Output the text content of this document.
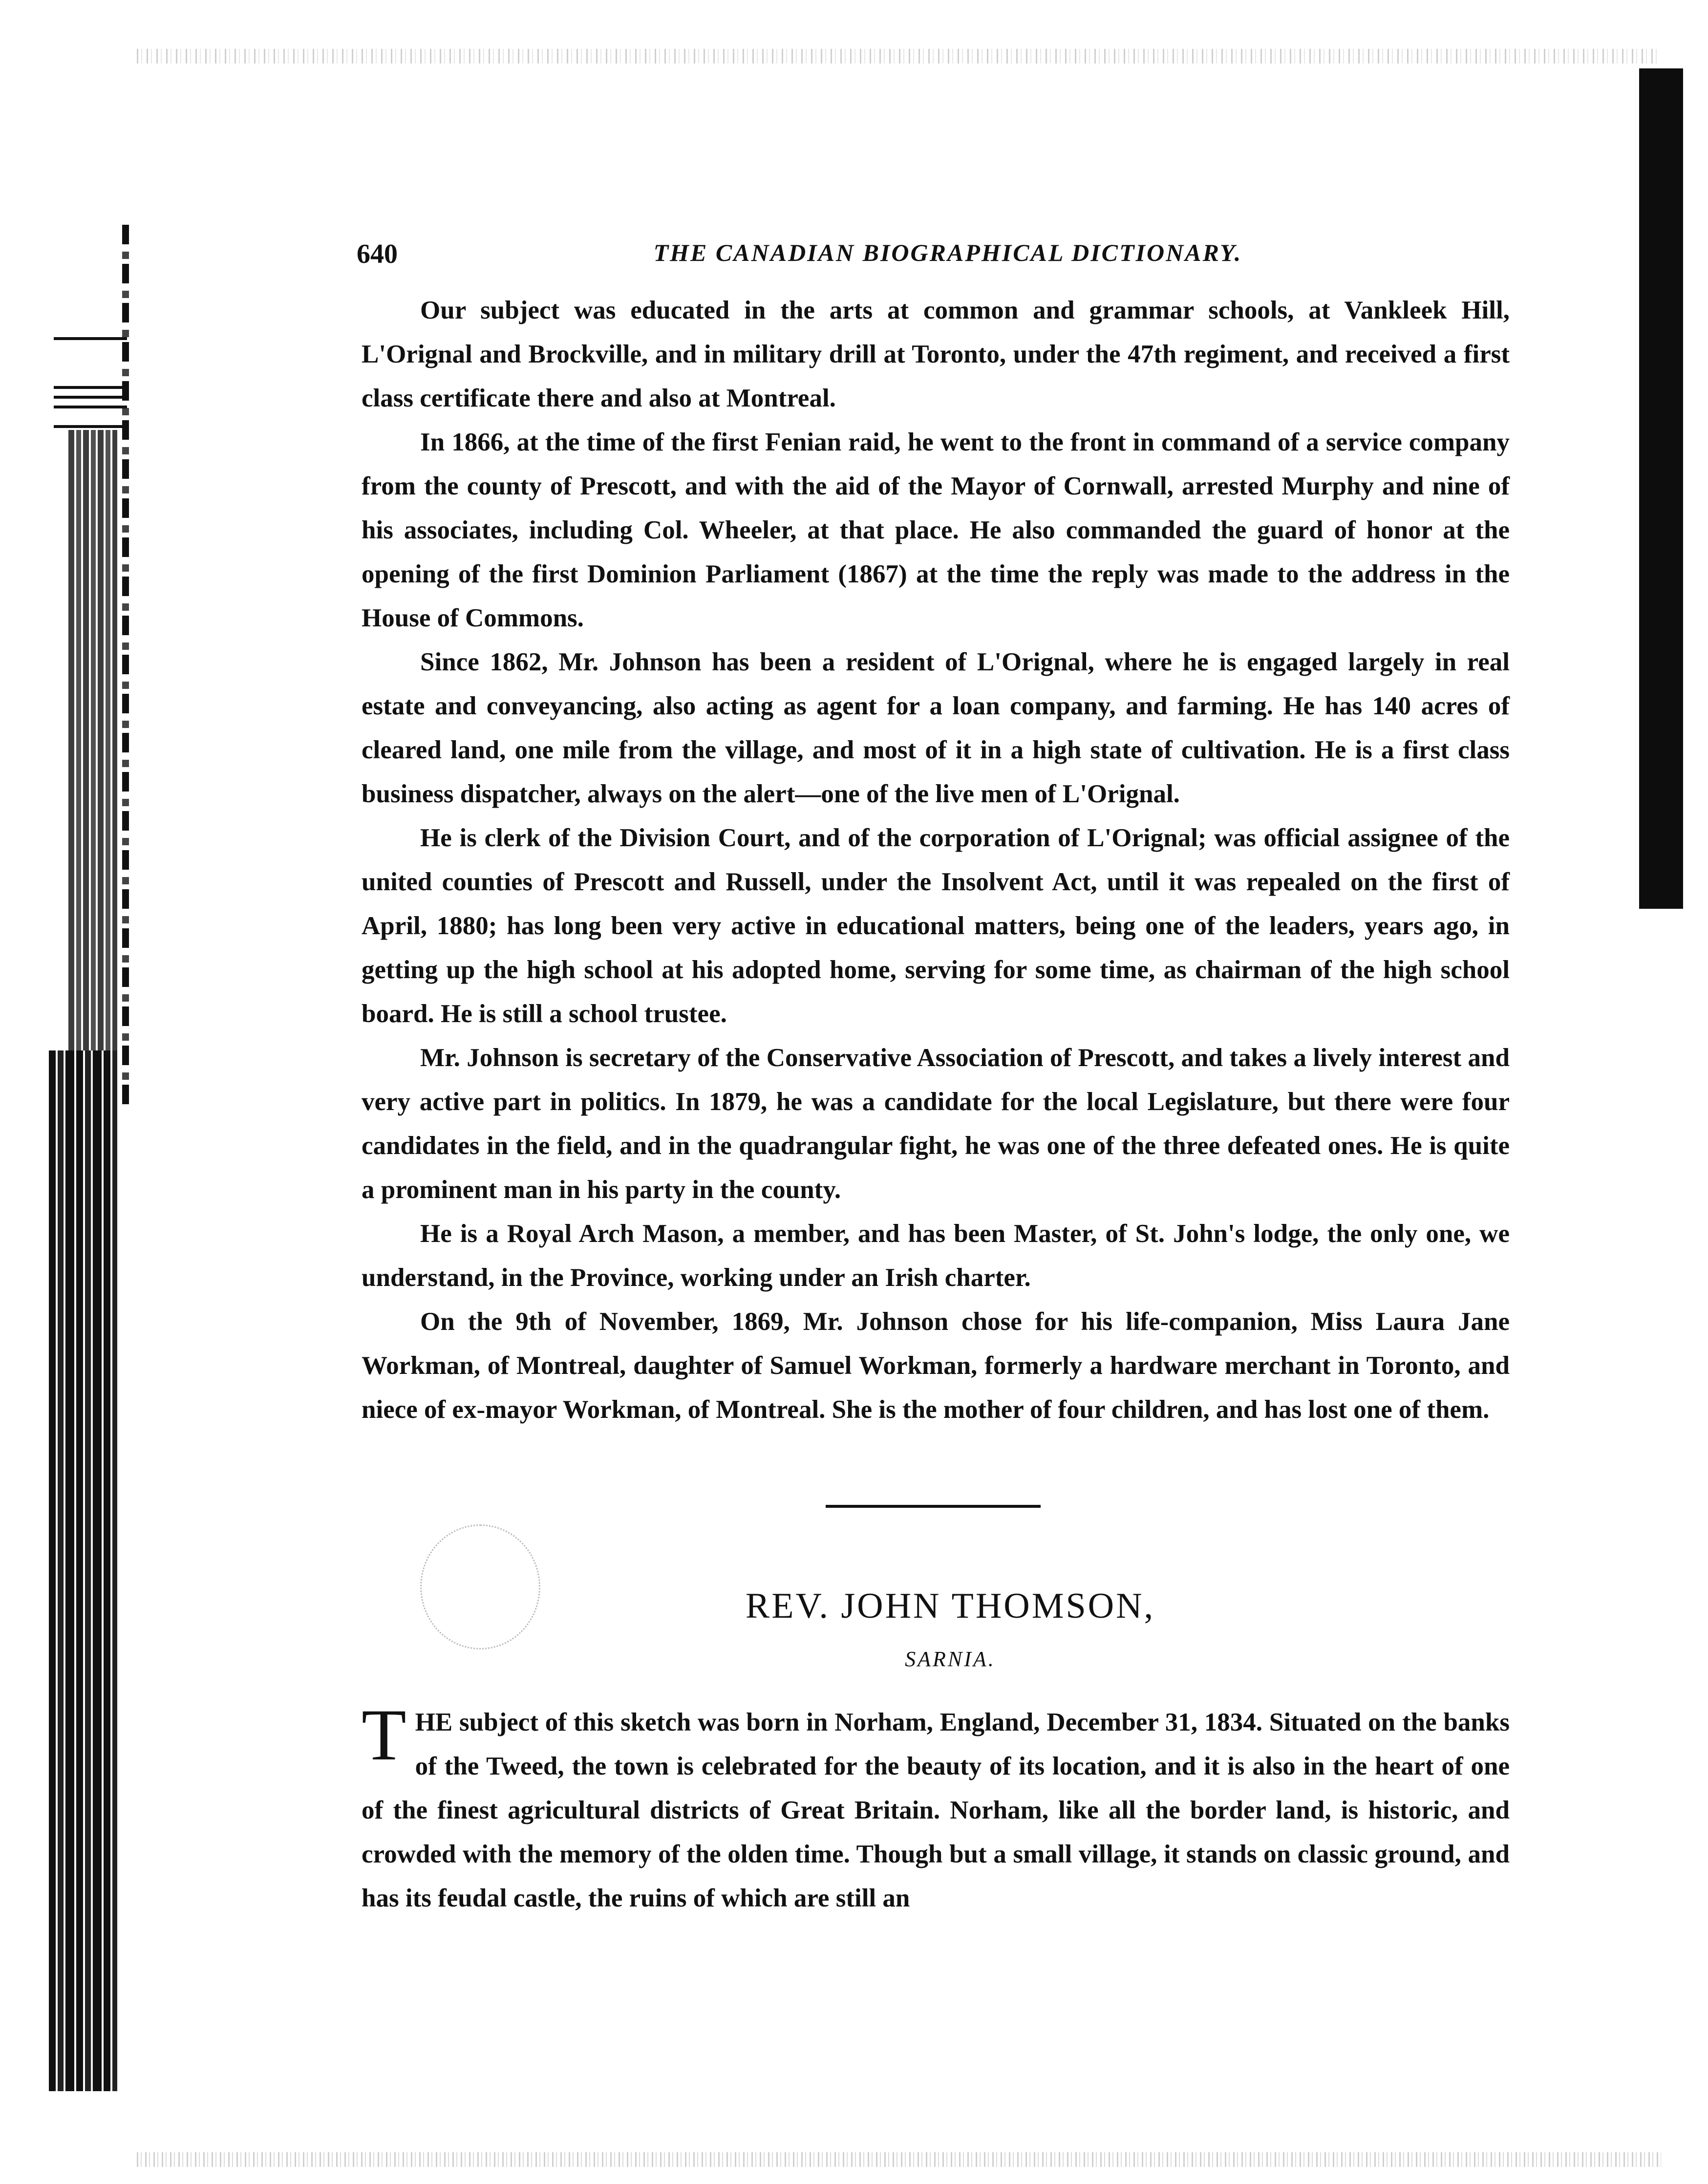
640	THE CANADIAN BIOGRAPHICAL DICTIONARY.

Our subject was educated in the arts at common and grammar schools, at Vankleek Hill, L'Orignal and Brockville, and in military drill at Toronto, under the 47th regiment, and received a first class certificate there and also at Montreal.

In 1866, at the time of the first Fenian raid, he went to the front in command of a service company from the county of Prescott, and with the aid of the Mayor of Cornwall, arrested Murphy and nine of his associates, including Col. Wheeler, at that place. He also commanded the guard of honor at the opening of the first Dominion Parliament (1867) at the time the reply was made to the address in the House of Commons.

Since 1862, Mr. Johnson has been a resident of L'Orignal, where he is engaged largely in real estate and conveyancing, also acting as agent for a loan company, and farming. He has 140 acres of cleared land, one mile from the village, and most of it in a high state of cultivation. He is a first class business dispatcher, always on the alert—one of the live men of L'Orignal.

He is clerk of the Division Court, and of the corporation of L'Orignal; was official assignee of the united counties of Prescott and Russell, under the Insolvent Act, until it was repealed on the first of April, 1880; has long been very active in educational matters, being one of the leaders, years ago, in getting up the high school at his adopted home, serving for some time, as chairman of the high school board. He is still a school trustee.

Mr. Johnson is secretary of the Conservative Association of Prescott, and takes a lively interest and very active part in politics. In 1879, he was a candidate for the local Legislature, but there were four candidates in the field, and in the quadrangular fight, he was one of the three defeated ones. He is quite a prominent man in his party in the county.

He is a Royal Arch Mason, a member, and has been Master, of St. John's lodge, the only one, we understand, in the Province, working under an Irish charter.

On the 9th of November, 1869, Mr. Johnson chose for his life-companion, Miss Laura Jane Workman, of Montreal, daughter of Samuel Workman, formerly a hardware merchant in Toronto, and niece of ex-mayor Workman, of Montreal. She is the mother of four children, and has lost one of them.

REV. JOHN THOMSON,
SARNIA.
T HE subject of this sketch was born in Norham, England, December 31, 1834. Situated on the banks of the Tweed, the town is celebrated for the beauty of its location, and it is also in the heart of one of the finest agricultural districts of Great Britain. Norham, like all the border land, is historic, and crowded with the memory of the olden time. Though but a small village, it stands on classic ground, and has its feudal castle, the ruins of which are still an
